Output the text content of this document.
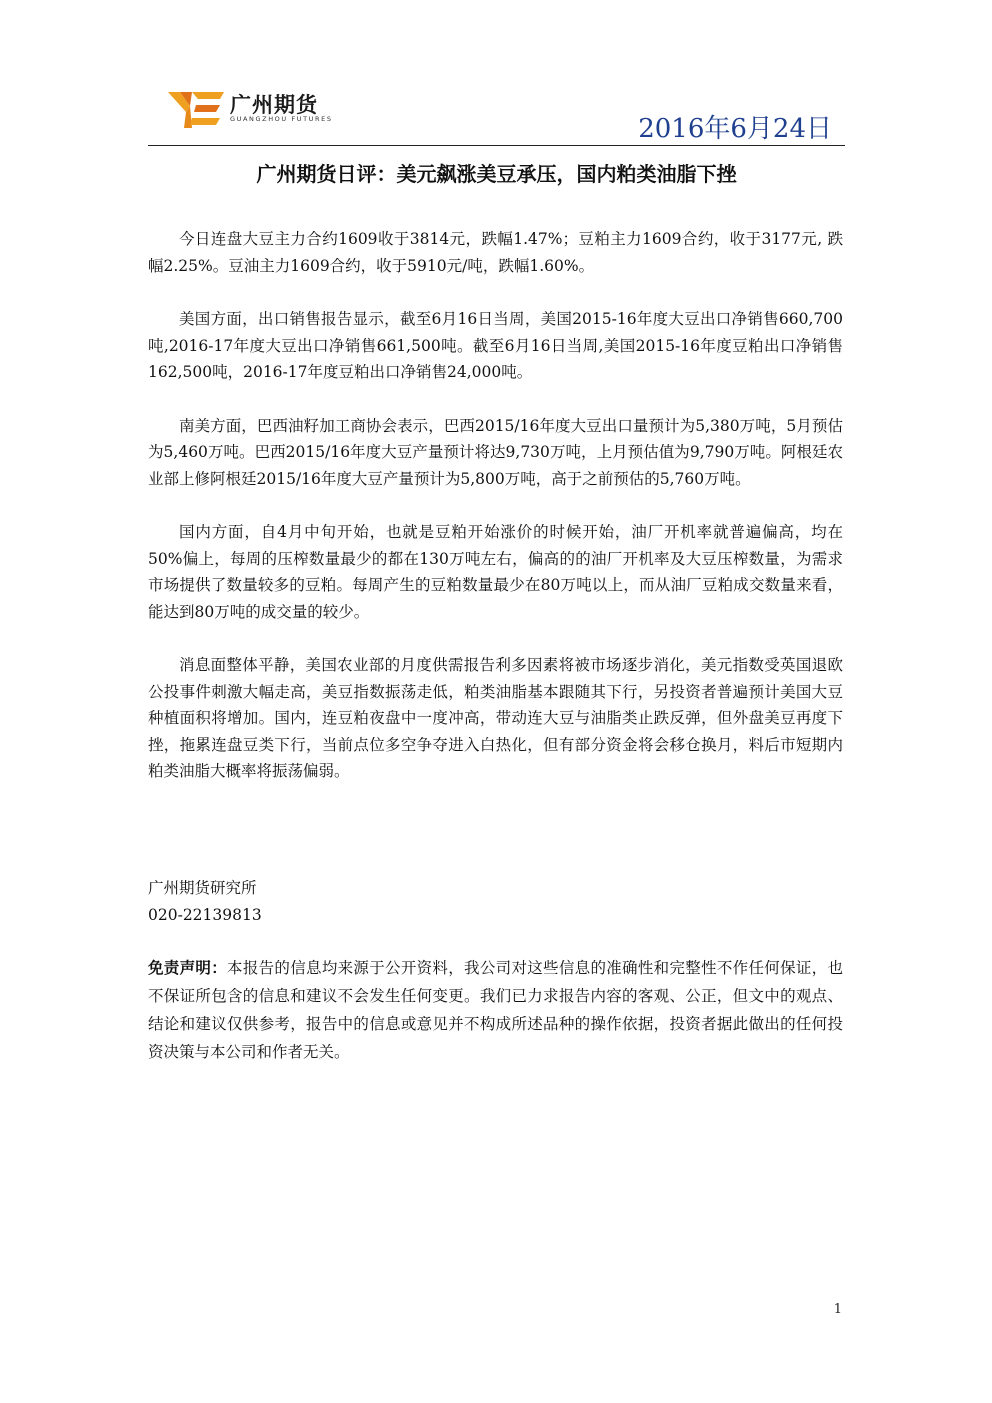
广州期货
GUANGZHOU FUTURES	2016年6月24日
广州期货日评：美元飙涨美豆承压，国内粕类油脂下挫

今日连盘大豆主力合约1609收于3814元，跌幅1.47%；豆粕主力1609合约，收于3177元, 跌幅2.25%。豆油主力1609合约，收于5910元/吨，跌幅1.60%。

美国方面，出口销售报告显示，截至6月16日当周，美国2015-16年度大豆出口净销售660,700吨,2016-17年度大豆出口净销售661,500吨。截至6月16日当周,美国2015-16年度豆粕出口净销售162,500吨，2016-17年度豆粕出口净销售24,000吨。

南美方面，巴西油籽加工商协会表示，巴西2015/16年度大豆出口量预计为5,380万吨，5月预估为5,460万吨。巴西2015/16年度大豆产量预计将达9,730万吨，上月预估值为9,790万吨。阿根廷农业部上修阿根廷2015/16年度大豆产量预计为5,800万吨，高于之前预估的5,760万吨。

国内方面，自4月中旬开始，也就是豆粕开始涨价的时候开始，油厂开机率就普遍偏高，均在50%偏上，每周的压榨数量最少的都在130万吨左右，偏高的的油厂开机率及大豆压榨数量，为需求市场提供了数量较多的豆粕。每周产生的豆粕数量最少在80万吨以上，而从油厂豆粕成交数量来看，能达到80万吨的成交量的较少。

消息面整体平静，美国农业部的月度供需报告利多因素将被市场逐步消化，美元指数受英国退欧公投事件刺激大幅走高，美豆指数振荡走低，粕类油脂基本跟随其下行，另投资者普遍预计美国大豆种植面积将增加。国内，连豆粕夜盘中一度冲高，带动连大豆与油脂类止跌反弹，但外盘美豆再度下挫，拖累连盘豆类下行，当前点位多空争夺进入白热化，但有部分资金将会移仓换月，料后市短期内粕类油脂大概率将振荡偏弱。

广州期货研究所
020-22139813
免责声明：本报告的信息均来源于公开资料，我公司对这些信息的准确性和完整性不作任何保证，也不保证所包含的信息和建议不会发生任何变更。我们已力求报告内容的客观、公正，但文中的观点、结论和建议仅供参考，报告中的信息或意见并不构成所述品种的操作依据，投资者据此做出的任何投资决策与本公司和作者无关。
1
